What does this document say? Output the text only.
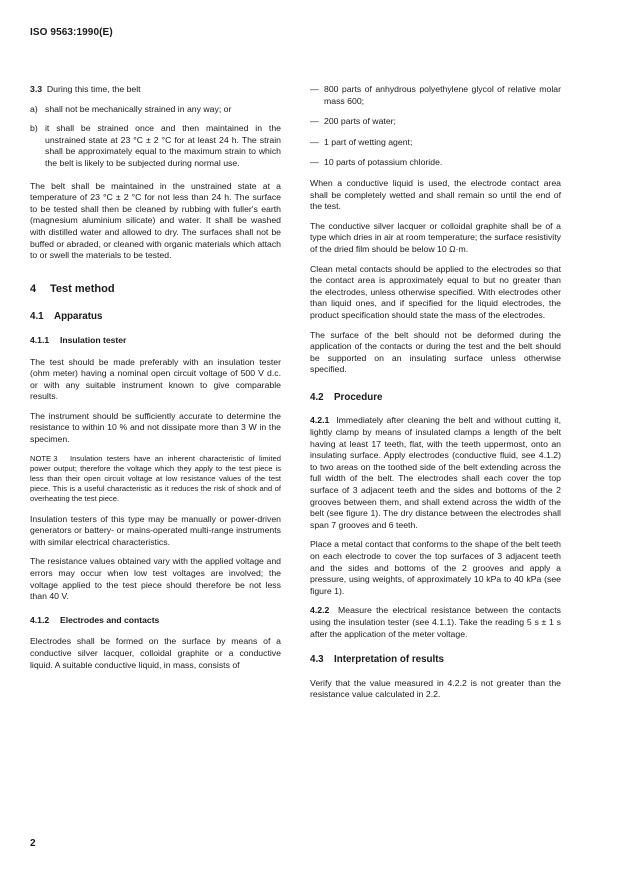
ISO 9563:1990(E)

3.3 During this time, the belt

a) shall not be mechanically strained in any way; or
b) it shall be strained once and then maintained in the unstrained state at 23 °C ± 2 °C for at least 24 h. The strain shall be approximately equal to the maximum strain to which the belt is likely to be subjected during normal use.

The belt shall be maintained in the unstrained state at a temperature of 23 °C ± 2 °C for not less than 24 h. The surface to be tested shall then be cleaned by rubbing with fuller's earth (magnesium aluminium silicate) and water. It shall be washed with distilled water and allowed to dry. The surfaces shall not be buffed or abraded, or cleaned with organic materials which attach to or swell the materials to be tested.

4 Test method
4.1 Apparatus
4.1.1 Insulation tester

The test should be made preferably with an insulation tester (ohm meter) having a nominal open circuit voltage of 500 V d.c. or with any suitable instrument known to give comparable results.

The instrument should be sufficiently accurate to determine the resistance to within 10 % and not dissipate more than 3 W in the specimen.

NOTE 3 Insulation testers have an inherent characteristic of limited power output; therefore the voltage which they apply to the test piece is less than their open circuit voltage at low resistance values of the test piece. This is a useful characteristic as it reduces the risk of shock and of overheating the test piece.

Insulation testers of this type may be manually or power-driven generators or battery- or mains-operated multi-range instruments with similar electrical characteristics.

The resistance values obtained vary with the applied voltage and errors may occur when low test voltages are involved; the voltage applied to the test piece should therefore be not less than 40 V.

4.1.2 Electrodes and contacts

Electrodes shall be formed on the surface by means of a conductive silver lacquer, colloidal graphite or a conductive liquid. A suitable conductive liquid, in mass, consists of

— 800 parts of anhydrous polyethylene glycol of relative molar mass 600;
— 200 parts of water;
— 1 part of wetting agent;
— 10 parts of potassium chloride.

When a conductive liquid is used, the electrode contact area shall be completely wetted and shall remain so until the end of the test.

The conductive silver lacquer or colloidal graphite shall be of a type which dries in air at room temperature; the surface resistivity of the dried film should be below 10 Ω·m.

Clean metal contacts should be applied to the electrodes so that the contact area is approximately equal to but no greater than the electrodes, unless otherwise specified. With electrodes other than liquid ones, and if specified for the liquid electrodes, the product specification should state the mass of the electrodes.

The surface of the belt should not be deformed during the application of the contacts or during the test and the belt should be supported on an insulating surface unless otherwise specified.

4.2 Procedure

4.2.1 Immediately after cleaning the belt and without cutting it, lightly clamp by means of insulated clamps a length of the belt having at least 17 teeth, flat, with the teeth uppermost, onto an insulating surface. Apply electrodes (conductive fluid, see 4.1.2) to two areas on the toothed side of the belt extending across the full width of the belt. The electrodes shall each cover the top surface of 3 adjacent teeth and the sides and bottoms of the 2 grooves between them, and shall extend across the width of the belt (see figure 1). The dry distance between the electrodes shall span 7 grooves and 6 teeth.

Place a metal contact that conforms to the shape of the belt teeth on each electrode to cover the top surfaces of 3 adjacent teeth and the sides and bottoms of the 2 grooves and apply a pressure, using weights, of approximately 10 kPa to 40 kPa (see figure 1).

4.2.2 Measure the electrical resistance between the contacts using the insulation tester (see 4.1.1). Take the reading 5 s ± 1 s after the application of the meter voltage.

4.3 Interpretation of results

Verify that the value measured in 4.2.2 is not greater than the resistance value calculated in 2.2.

2
